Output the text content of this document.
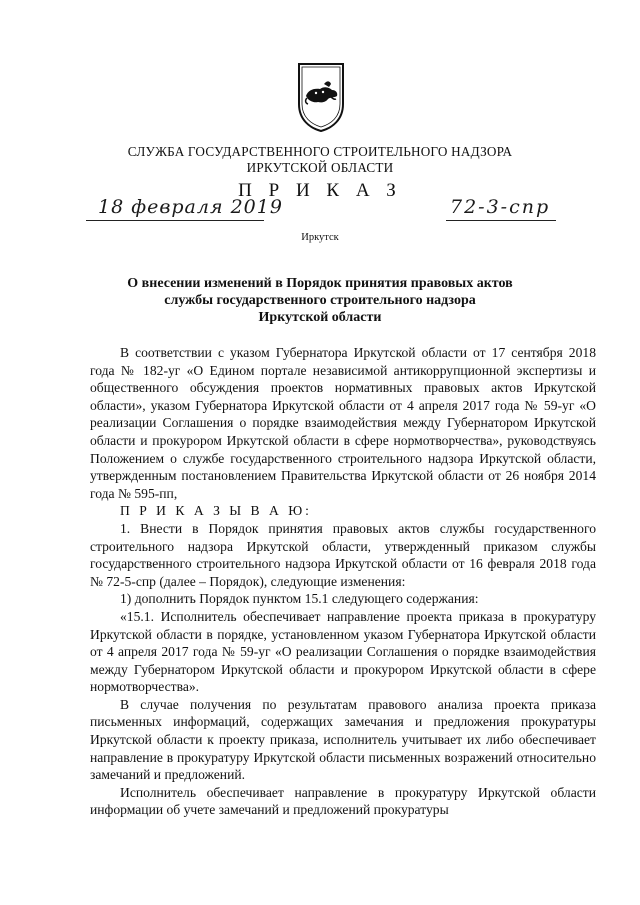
СЛУЖБА ГОСУДАРСТВЕННОГО СТРОИТЕЛЬНОГО НАДЗОРА
ИРКУТСКОЙ ОБЛАСТИ
П Р И К А З
18 февраля 2019	72-3-спр
Иркутск
О внесении изменений в Порядок принятия правовых актов
службы государственного строительного надзора
Иркутской области

В соответствии с указом Губернатора Иркутской области от 17 сентября 2018 года № 182-уг «О Едином портале независимой антикоррупционной экспертизы и общественного обсуждения проектов нормативных правовых актов Иркутской области», указом Губернатора Иркутской области от 4 апреля 2017 года № 59-уг «О реализации Соглашения о порядке взаимодействия между Губернатором Иркутской области и прокурором Иркутской области в сфере нормотворчества», руководствуясь Положением о службе государственного строительного надзора Иркутской области, утвержденным постановлением Правительства Иркутской области от 26 ноября 2014 года № 595-пп,

П Р И К А З Ы В А Ю:

1. Внести в Порядок принятия правовых актов службы государственного строительного надзора Иркутской области, утвержденный приказом службы государственного строительного надзора Иркутской области от 16 февраля 2018 года № 72-5-спр (далее – Порядок), следующие изменения:

1) дополнить Порядок пунктом 15.1 следующего содержания:

«15.1. Исполнитель обеспечивает направление проекта приказа в прокуратуру Иркутской области в порядке, установленном указом Губернатора Иркутской области от 4 апреля 2017 года № 59-уг «О реализации Соглашения о порядке взаимодействия между Губернатором Иркутской области и прокурором Иркутской области в сфере нормотворчества».

В случае получения по результатам правового анализа проекта приказа письменных информаций, содержащих замечания и предложения прокуратуры Иркутской области к проекту приказа, исполнитель учитывает их либо обеспечивает направление в прокуратуру Иркутской области письменных возражений относительно замечаний и предложений.

Исполнитель обеспечивает направление в прокуратуру Иркутской области информации об учете замечаний и предложений прокуратуры
